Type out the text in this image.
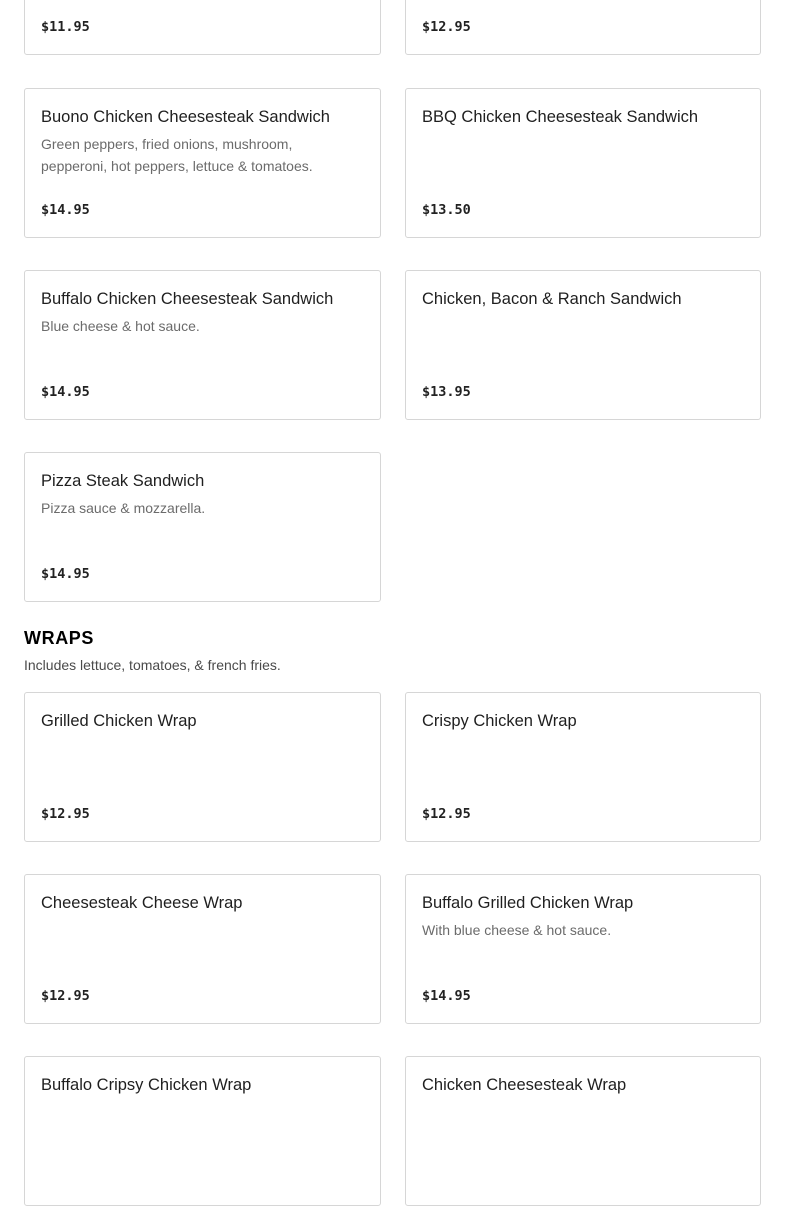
$11.95	$12.95
Buono Chicken Cheesesteak Sandwich
Green peppers, fried onions, mushroom, pepperoni, hot peppers, lettuce & tomatoes.
$14.95
BBQ Chicken Cheesesteak Sandwich
$13.50
Buffalo Chicken Cheesesteak Sandwich
Blue cheese & hot sauce.
$14.95
Chicken, Bacon & Ranch Sandwich
$13.95
Pizza Steak Sandwich
Pizza sauce & mozzarella.
$14.95
WRAPS
Includes lettuce, tomatoes, & french fries.
Grilled Chicken Wrap
$12.95
Crispy Chicken Wrap
$12.95
Cheesesteak Cheese Wrap
$12.95
Buffalo Grilled Chicken Wrap
With blue cheese & hot sauce.
$14.95
Buffalo Cripsy Chicken Wrap	Chicken Cheesesteak Wrap
